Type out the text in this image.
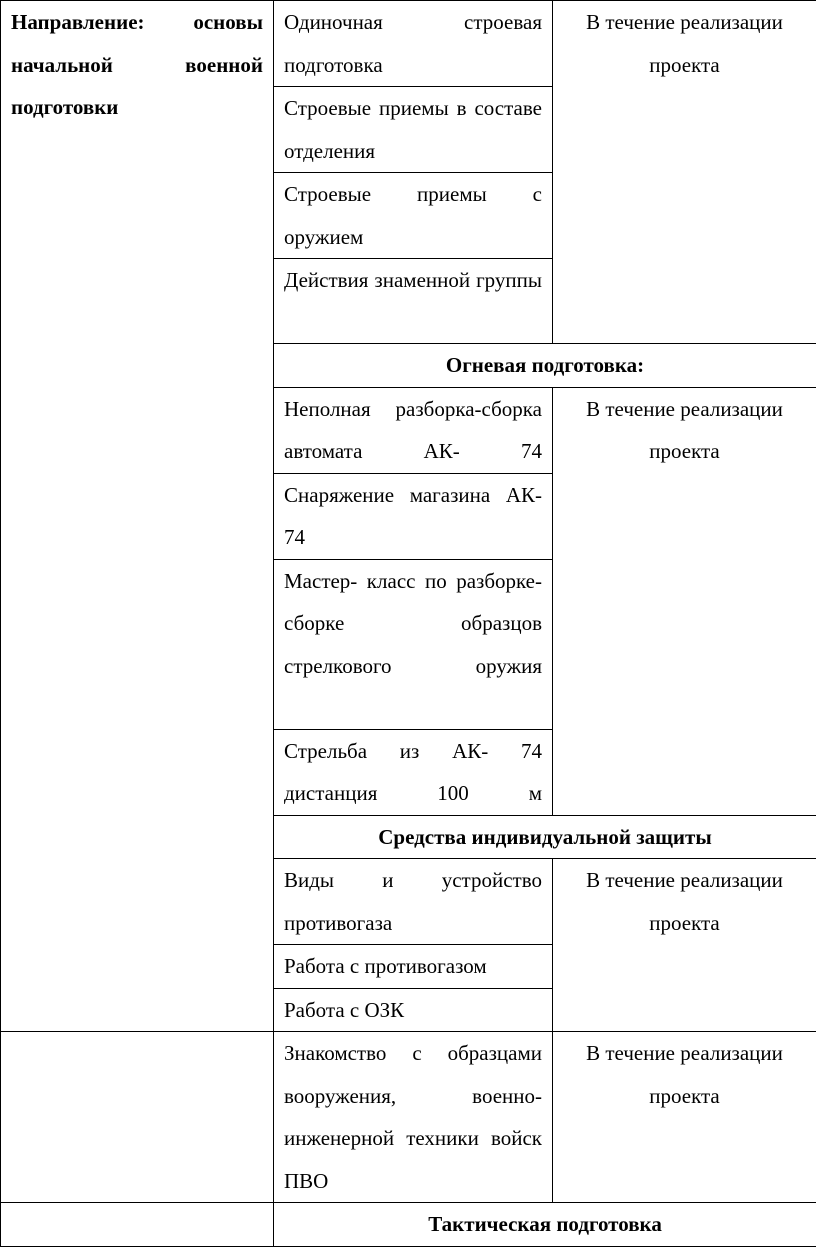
Направление: основы начальной военной подготовки	Одиночная строевая подготовка	В течение реализации проекта
	Строевые приемы в составе отделения	
	Строевые приемы с оружием	
	Действия знаменной группы	
	Огневая подготовка:	
	Неполная разборка-сборка автомата АК- 74	В течение реализации проекта
	Снаряжение магазина АК- 74	
	Мастер- класс по разборке- сборке образцов стрелкового оружия	
	Стрельба из АК- 74 дистанция 100 м	
	Средства индивидуальной защиты	
	Виды и устройство противогаза	В течение реализации проекта
	Работа с противогазом	
	Работа с ОЗК	
	Знакомство с образцами вооружения, военно-инженерной техники войск ПВО	В течение реализации проекта
	Тактическая подготовка	
